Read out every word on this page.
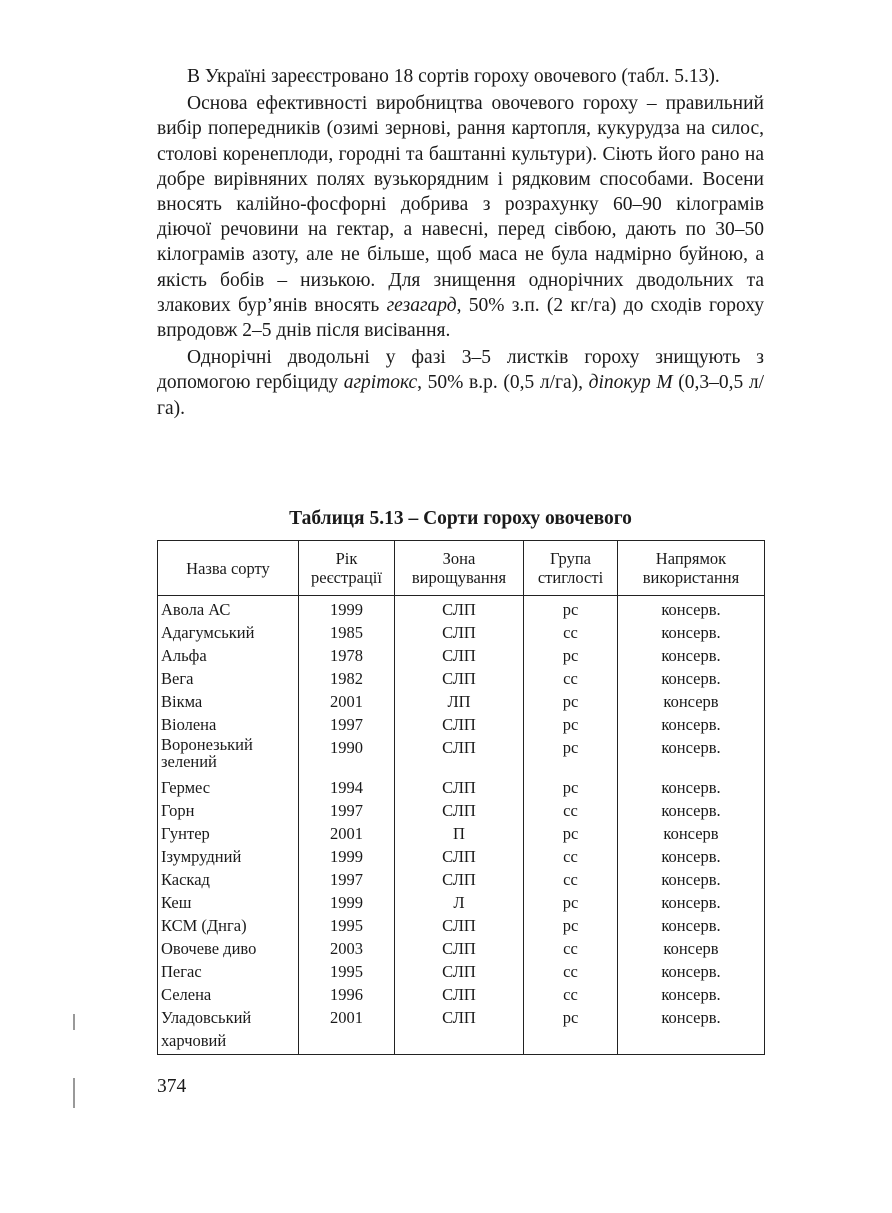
В Україні зареєстровано 18 сортів гороху овочевого (табл. 5.13).

Основа ефективності виробництва овочевого гороху – правильний вибір попередників (озимі зернові, рання картопля, кукурудза на силос, столові коренеплоди, городні та баштанні культури). Сіють його рано на добре вирівняних полях вузькорядним і рядковим способами. Восени вносять калійно-фосфорні добрива з розрахунку 60–90 кілограмів діючої речовини на гектар, а навесні, перед сівбою, дають по 30–50 кілограмів азоту, але не більше, щоб маса не була надмірно буйною, а якість бобів – низькою. Для знищення однорічних дводольних та злакових бур’янів вносять гезагард, 50% з.п. (2 кг/га) до сходів гороху впродовж 2–5 днів після висівання.

Однорічні дводольні у фазі 3–5 листків гороху знищують з допомогою гербіциду агрітокс, 50% в.р. (0,5 л/га), діпокур М (0,3–0,5 л/га).

Таблиця 5.13 – Сорти гороху овочевого
Назва сорту	Рік реєстрації	Зона вирощування	Група стиглості	Напрямок використання
Авола АС	1999	СЛП	рс	консерв.
Адагумський	1985	СЛП	сс	консерв.
Альфа	1978	СЛП	рс	консерв.
Вега	1982	СЛП	сс	консерв.
Вікма	2001	ЛП	рс	консерв
Віолена	1997	СЛП	рс	консерв.
Воронезький зелений	1990	СЛП	рс	консерв.
Гермес	1994	СЛП	рс	консерв.
Горн	1997	СЛП	сс	консерв.
Гунтер	2001	П	рс	консерв
Ізумрудний	1999	СЛП	сс	консерв.
Каскад	1997	СЛП	сс	консерв.
Кеш	1999	Л	рс	консерв.
КСМ (Днга)	1995	СЛП	рс	консерв.
Овочеве диво	2003	СЛП	сс	консерв
Пегас	1995	СЛП	сс	консерв.
Селена	1996	СЛП	сс	консерв.
Уладовський харчовий	2001	СЛП	рс	консерв.
374
